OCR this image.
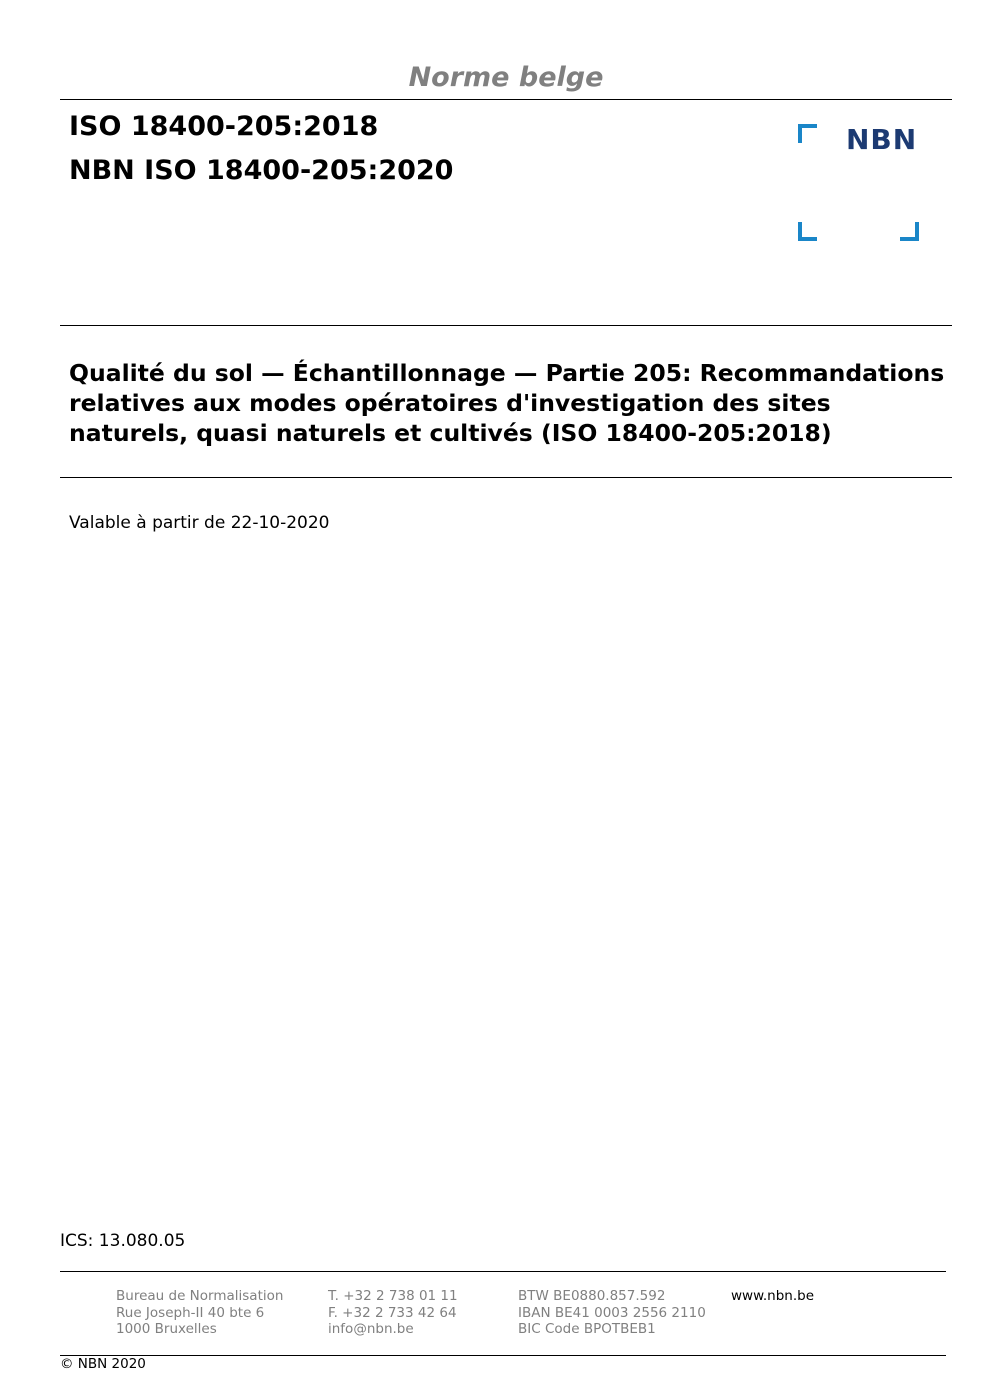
Norme belge
ISO 18400-205:2018
NBN ISO 18400-205:2020
NBN
Qualité du sol — Échantillonnage — Partie 205: Recommandations
relatives aux modes opératoires d'investigation des sites
naturels, quasi naturels et cultivés (ISO 18400-205:2018)
Valable à partir de 22-10-2020
ICS: 13.080.05
Bureau de Normalisation
Rue Joseph-II 40 bte 6
1000 Bruxelles
T. +32 2 738 01 11
F. +32 2 733 42 64
info@nbn.be
BTW BE0880.857.592
IBAN BE41 0003 2556 2110
BIC Code BPOTBEB1
www.nbn.be
© NBN 2020
